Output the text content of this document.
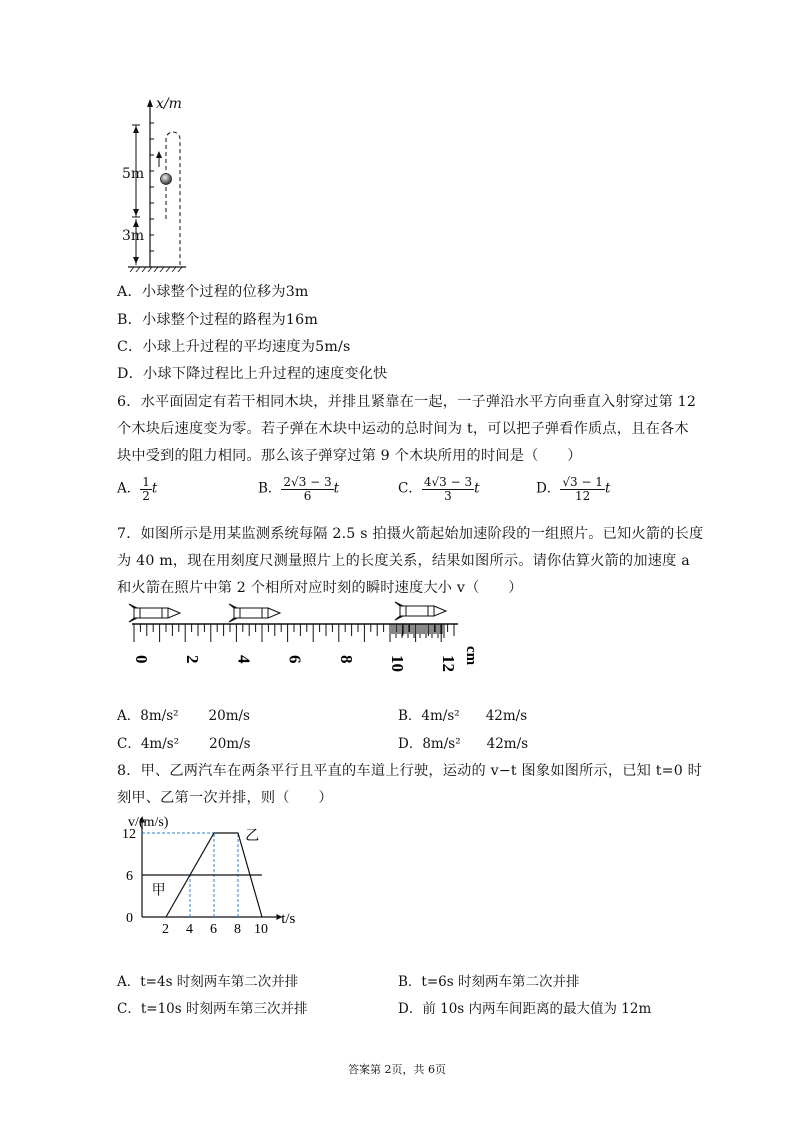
x/m
5m
3m
A．小球整个过程的位移为3m
B．小球整个过程的路程为16m
C．小球上升过程的平均速度为5m/s
D．小球下降过程比上升过程的速度变化快
6．水平面固定有若干相同木块，并排且紧靠在一起，一子弹沿水平方向垂直入射穿过第 12
个木块后速度变为零。若子弹在木块中运动的总时间为 t，可以把子弹看作质点，且在各木
块中受到的阻力相同。那么该子弹穿过第 9 个木块所用的时间是（　　）
A． $\frac{1}{2}$ t	B． $\frac{2√3 - 3}{6}$ t	C． $\frac{4√3 - 3}{3}$ t	D． $\frac{√3 - 1}{12}$ t
7．如图所示是用某监测系统每隔 2.5 s 拍摄火箭起始加速阶段的一组照片。已知火箭的长度
为 40 m，现在用刻度尺测量照片上的长度关系，结果如图所示。请你估算火箭的加速度 a
和火箭在照片中第 2 个相所对应时刻的瞬时速度大小 v（　　）
0 2 4 6 8 10 12 cm
A．8m/s² 20m/s	B．4m/s² 42m/s
C．4m/s² 20m/s	D．8m/s² 42m/s
8．甲、乙两汽车在两条平行且平直的车道上行驶，运动的 v−t 图象如图所示，已知 t=0 时
刻甲、乙第一次并排，则（　　）
0
6
12
2 4 6 8 10
甲
乙
v/(m/s)
t/s
A．t=4s 时刻两车第二次并排	B．t=6s 时刻两车第二次并排
C．t=10s 时刻两车第三次并排	D．前 10s 内两车间距离的最大值为 12m
答案第 2页，共 6页
